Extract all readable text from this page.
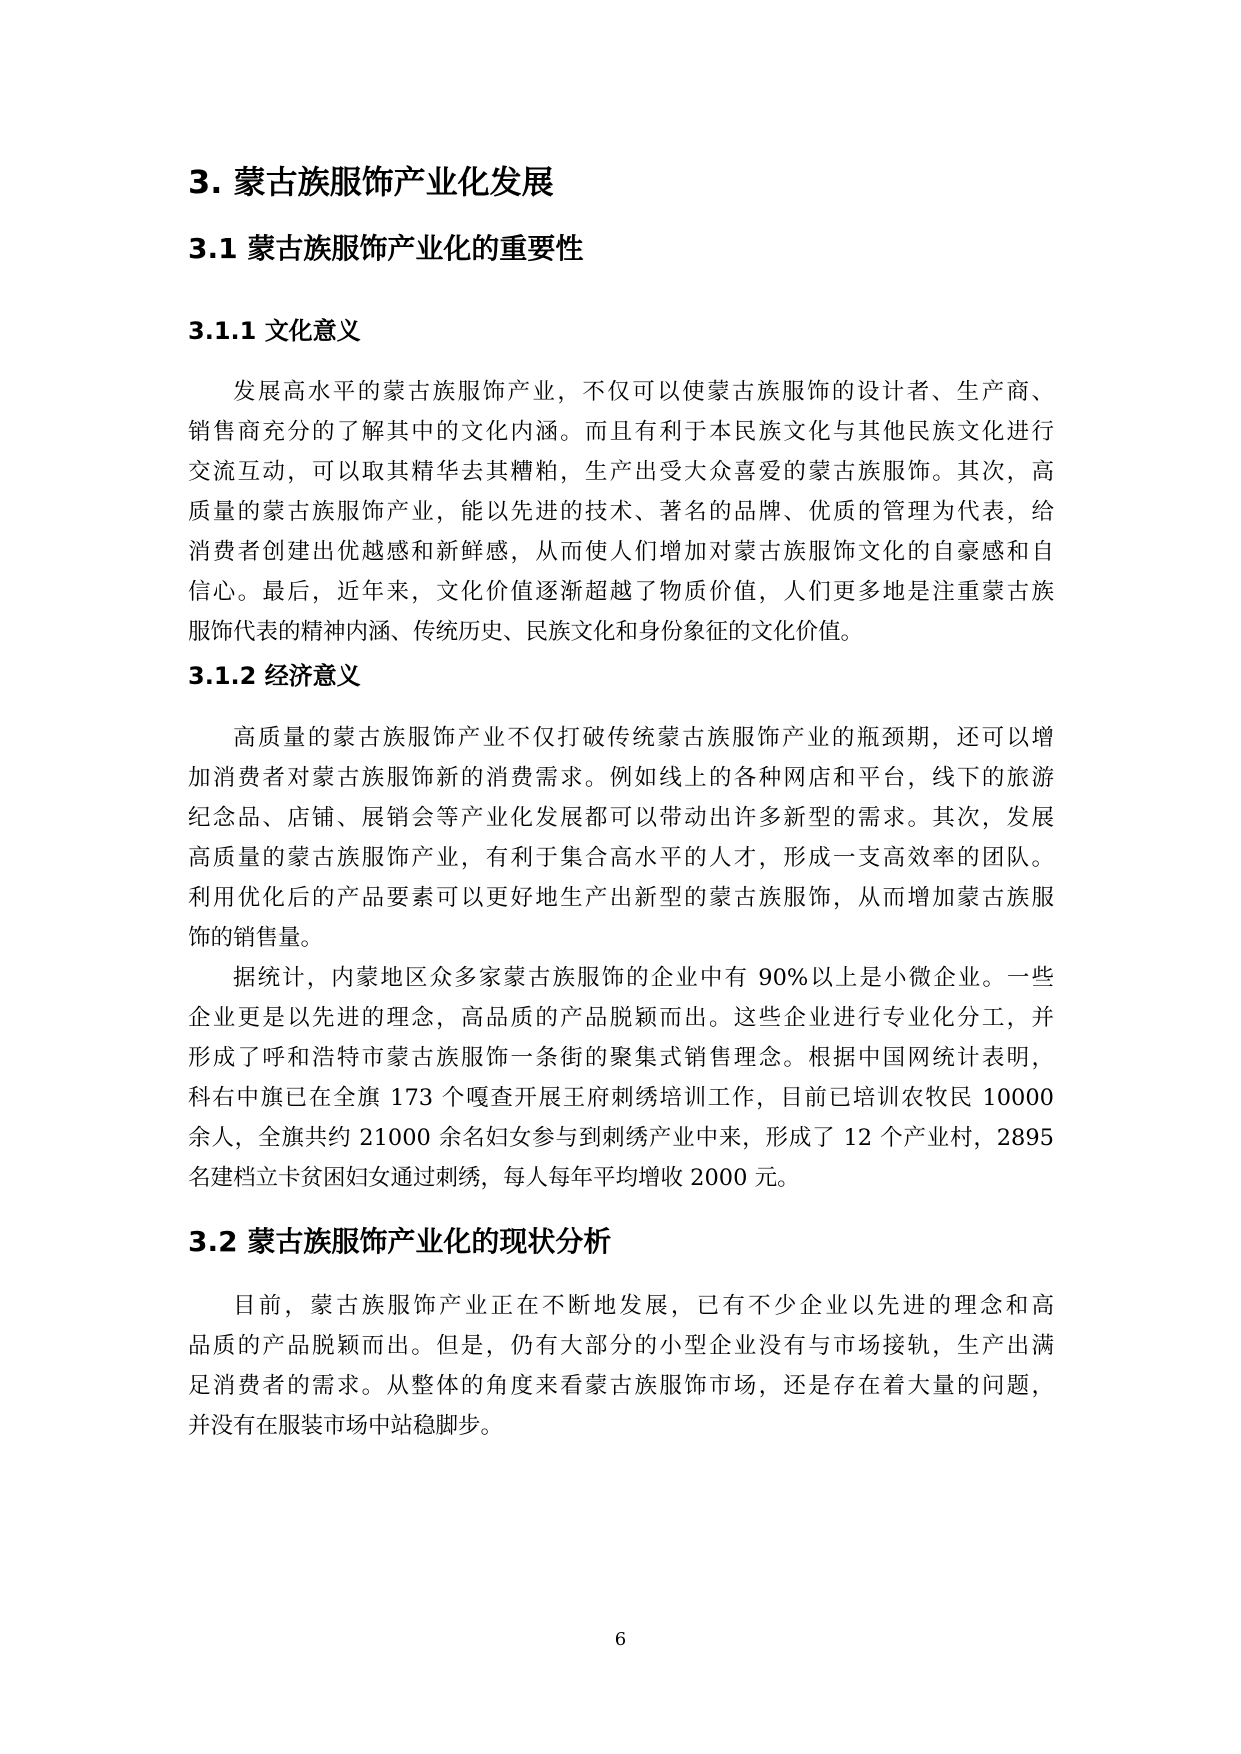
3. 蒙古族服饰产业化发展
3.1 蒙古族服饰产业化的重要性
3.1.1 文化意义
发展高水平的蒙古族服饰产业，不仅可以使蒙古族服饰的设计者、生产商、
销售商充分的了解其中的文化内涵。而且有利于本民族文化与其他民族文化进行
交流互动，可以取其精华去其糟粕，生产出受大众喜爱的蒙古族服饰。其次，高
质量的蒙古族服饰产业，能以先进的技术、著名的品牌、优质的管理为代表，给
消费者创建出优越感和新鲜感，从而使人们增加对蒙古族服饰文化的自豪感和自
信心。最后，近年来，文化价值逐渐超越了物质价值，人们更多地是注重蒙古族
服饰代表的精神内涵、传统历史、民族文化和身份象征的文化价值。
3.1.2 经济意义
高质量的蒙古族服饰产业不仅打破传统蒙古族服饰产业的瓶颈期，还可以增
加消费者对蒙古族服饰新的消费需求。例如线上的各种网店和平台，线下的旅游
纪念品、店铺、展销会等产业化发展都可以带动出许多新型的需求。其次，发展
高质量的蒙古族服饰产业，有利于集合高水平的人才，形成一支高效率的团队。
利用优化后的产品要素可以更好地生产出新型的蒙古族服饰，从而增加蒙古族服
饰的销售量。
据统计，内蒙地区众多家蒙古族服饰的企业中有 90%以上是小微企业。一些
企业更是以先进的理念，高品质的产品脱颖而出。这些企业进行专业化分工，并
形成了呼和浩特市蒙古族服饰一条街的聚集式销售理念。根据中国网统计表明，
科右中旗已在全旗 173 个嘎查开展王府刺绣培训工作，目前已培训农牧民 10000
余人，全旗共约 21000 余名妇女参与到刺绣产业中来，形成了 12 个产业村，2895
名建档立卡贫困妇女通过刺绣，每人每年平均增收 2000 元。
3.2 蒙古族服饰产业化的现状分析
目前，蒙古族服饰产业正在不断地发展，已有不少企业以先进的理念和高
品质的产品脱颖而出。但是，仍有大部分的小型企业没有与市场接轨，生产出满
足消费者的需求。从整体的角度来看蒙古族服饰市场，还是存在着大量的问题，
并没有在服装市场中站稳脚步。
6
